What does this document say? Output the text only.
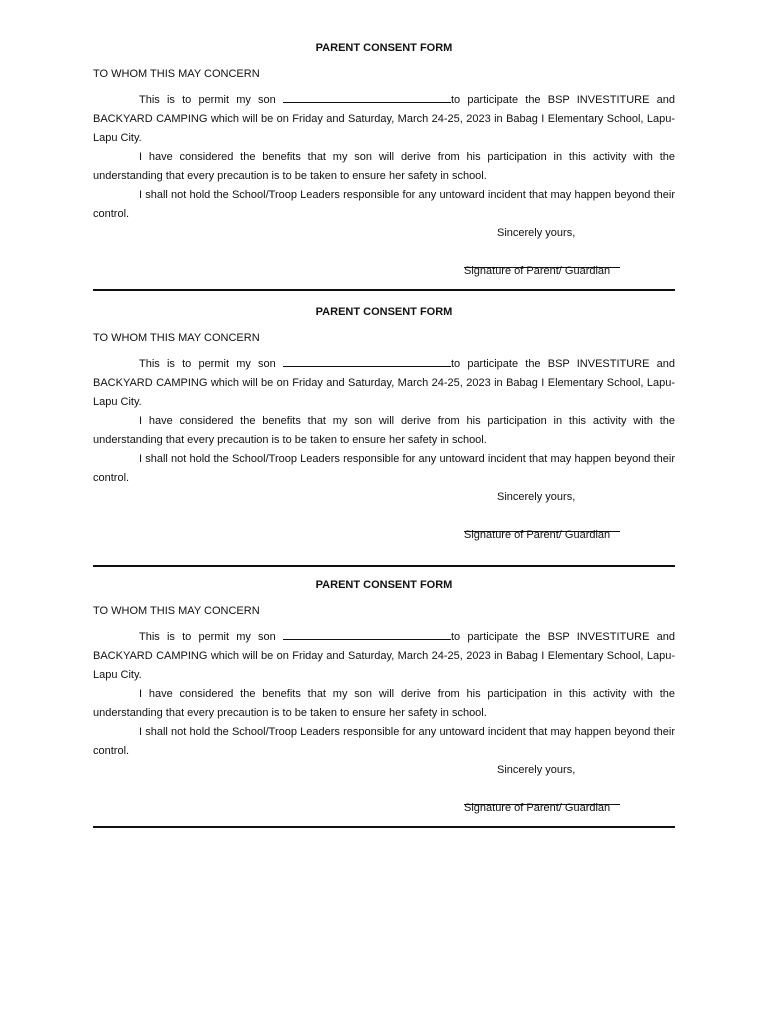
PARENT CONSENT FORM
TO WHOM THIS MAY CONCERN

This is to permit my son	to participate the BSP INVESTITURE and BACKYARD CAMPING which will be on Friday and Saturday, March 24-25, 2023 in Babag I Elementary School, Lapu-Lapu City.

I have considered the benefits that my son will derive from his participation in this activity with the understanding that every precaution is to be taken to ensure her safety in school.

I shall not hold the School/Troop Leaders responsible for any untoward incident that may happen beyond their control.

Sincerely yours,
Signature of Parent/ Guardian
PARENT CONSENT FORM
TO WHOM THIS MAY CONCERN

This is to permit my son	to participate the BSP INVESTITURE and BACKYARD CAMPING which will be on Friday and Saturday, March 24-25, 2023 in Babag I Elementary School, Lapu-Lapu City.

I have considered the benefits that my son will derive from his participation in this activity with the understanding that every precaution is to be taken to ensure her safety in school.

I shall not hold the School/Troop Leaders responsible for any untoward incident that may happen beyond their control.

Sincerely yours,
Signature of Parent/ Guardian
PARENT CONSENT FORM
TO WHOM THIS MAY CONCERN

This is to permit my son	to participate the BSP INVESTITURE and BACKYARD CAMPING which will be on Friday and Saturday, March 24-25, 2023 in Babag I Elementary School, Lapu-Lapu City.

I have considered the benefits that my son will derive from his participation in this activity with the understanding that every precaution is to be taken to ensure her safety in school.

I shall not hold the School/Troop Leaders responsible for any untoward incident that may happen beyond their control.

Sincerely yours,
Signature of Parent/ Guardian
